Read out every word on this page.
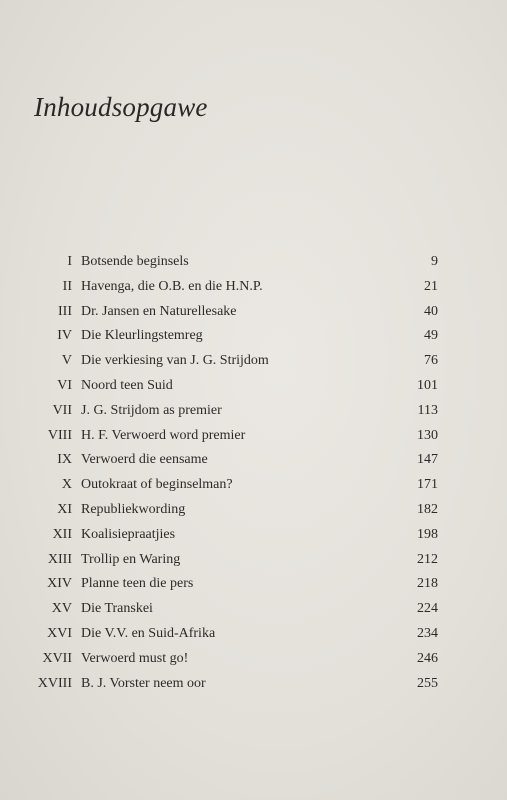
Inhoudsopgawe
I Botsende beginsels	9
II Havenga, die O.B. en die H.N.P.	21
III Dr. Jansen en Naturellesake	40
IV Die Kleurlingstemreg	49
V Die verkiesing van J. G. Strijdom	76
VI Noord teen Suid	101
VII J. G. Strijdom as premier	113
VIII H. F. Verwoerd word premier	130
IX Verwoerd die eensame	147
X Outokraat of beginselman?	171
XI Republiekwording	182
XII Koalisiepraatjies	198
XIII Trollip en Waring	212
XIV Planne teen die pers	218
XV Die Transkei	224
XVI Die V.V. en Suid-Afrika	234
XVII Verwoerd must go!	246
XVIII B. J. Vorster neem oor	255
